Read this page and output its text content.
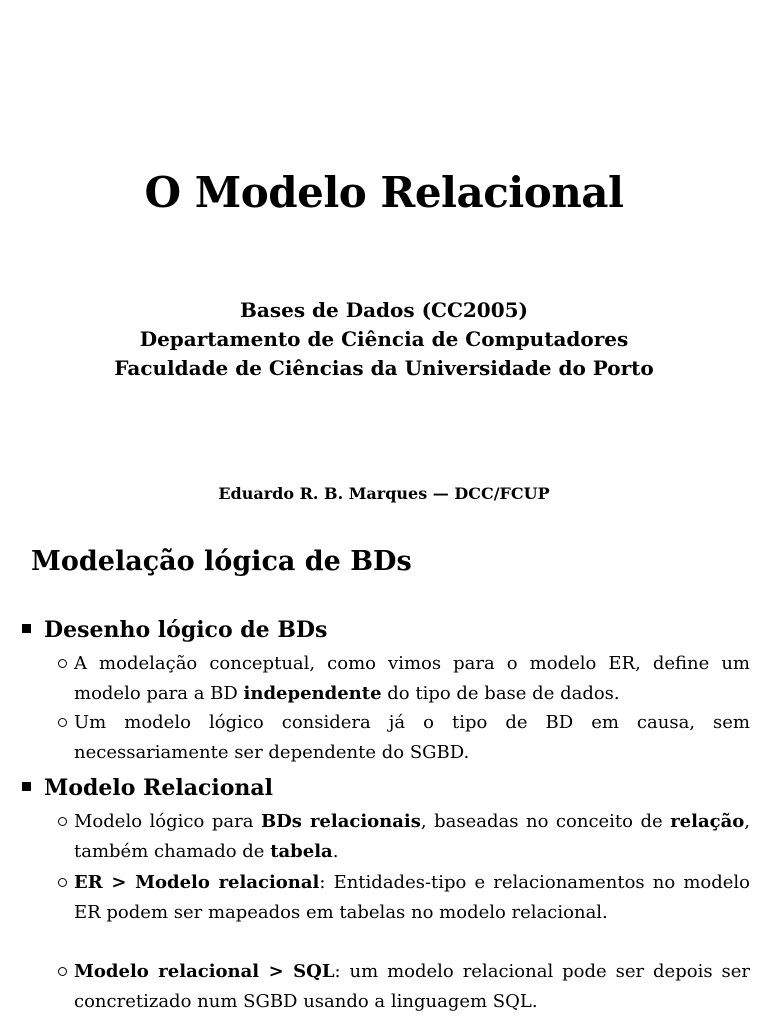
O Modelo Relacional
Bases de Dados (CC2005)
Departamento de Ciência de Computadores
Faculdade de Ciências da Universidade do Porto
Eduardo R. B. Marques — DCC/FCUP
Modelação lógica de BDs
Desenho lógico de BDs
A modelação conceptual, como vimos para o modelo ER, define um modelo para a BD independente do tipo de base de dados.
Um modelo lógico considera já o tipo de BD em causa, sem necessariamente ser dependente do SGBD.
Modelo Relacional
Modelo lógico para BDs relacionais, baseadas no conceito de relação, também chamado de tabela.
ER > Modelo relacional: Entidades-tipo e relacionamentos no modelo ER podem ser mapeados em tabelas no modelo relacional.
Modelo relacional > SQL: um modelo relacional pode ser depois ser concretizado num SGBD usando a linguagem SQL.
